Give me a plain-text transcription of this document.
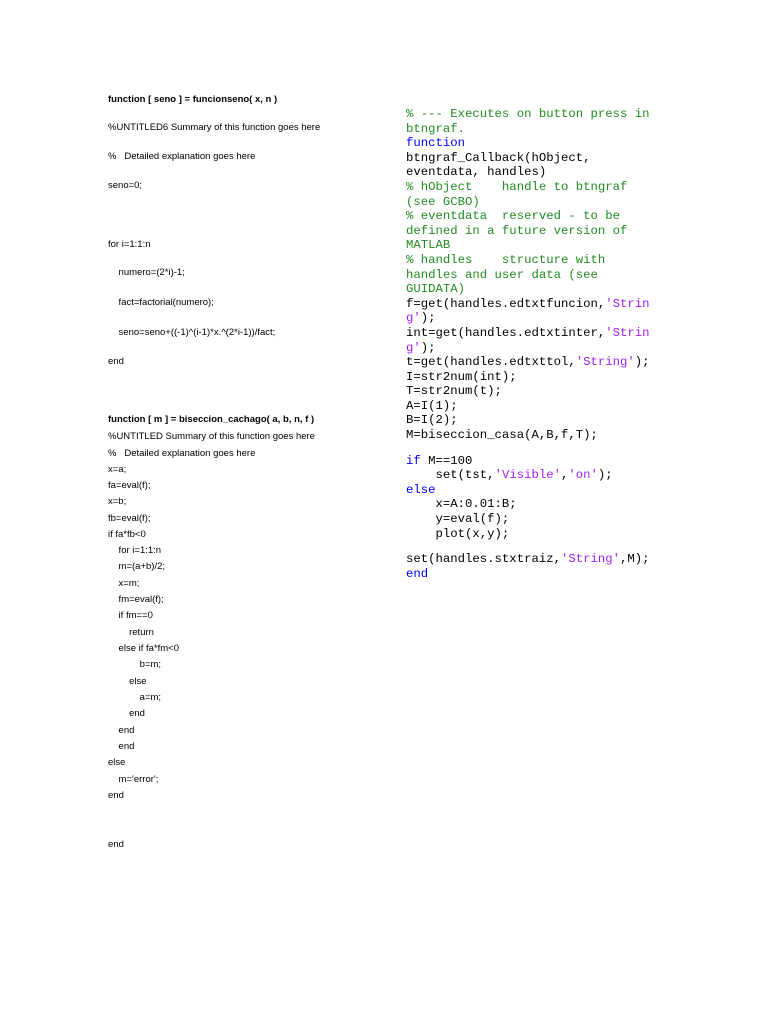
function [ seno ] = funcionseno( x, n )
%UNTITLED6 Summary of this function goes here
%   Detailed explanation goes here
seno=0;
for i=1:1:n
numero=(2*i)-1;
fact=factorial(numero);
seno=seno+((-1)^(i-1)*x.^(2*i-1))/fact;
end
function [ m ] = biseccion_cachago( a, b, n, f )
%UNTITLED Summary of this function goes here
%   Detailed explanation goes here
x=a;
fa=eval(f);
x=b;
fb=eval(f);
if fa*fb<0
for i=1:1:n
m=(a+b)/2;
x=m;
fm=eval(f);
if fm==0
return
else if fa*fm<0
b=m;
else
a=m;
end
end
end
else
m='error';
end
end
% --- Executes on button press in
btngraf.
function
btngraf_Callback(hObject,
eventdata, handles)
% hObject    handle to btngraf
(see GCBO)
% eventdata  reserved - to be
defined in a future version of
MATLAB
% handles    structure with
handles and user data (see
GUIDATA)
f=get(handles.edtxtfuncion,'Strin
g');
int=get(handles.edtxtinter,'Strin
g');
t=get(handles.edtxttol,'String');
I=str2num(int);
T=str2num(t);
A=I(1);
B=I(2);
M=biseccion_casa(A,B,f,T);
if M==100
set(tst,'Visible','on');
else
x=A:0.01:B;
y=eval(f);
plot(x,y);
set(handles.stxtraiz,'String',M);
end
